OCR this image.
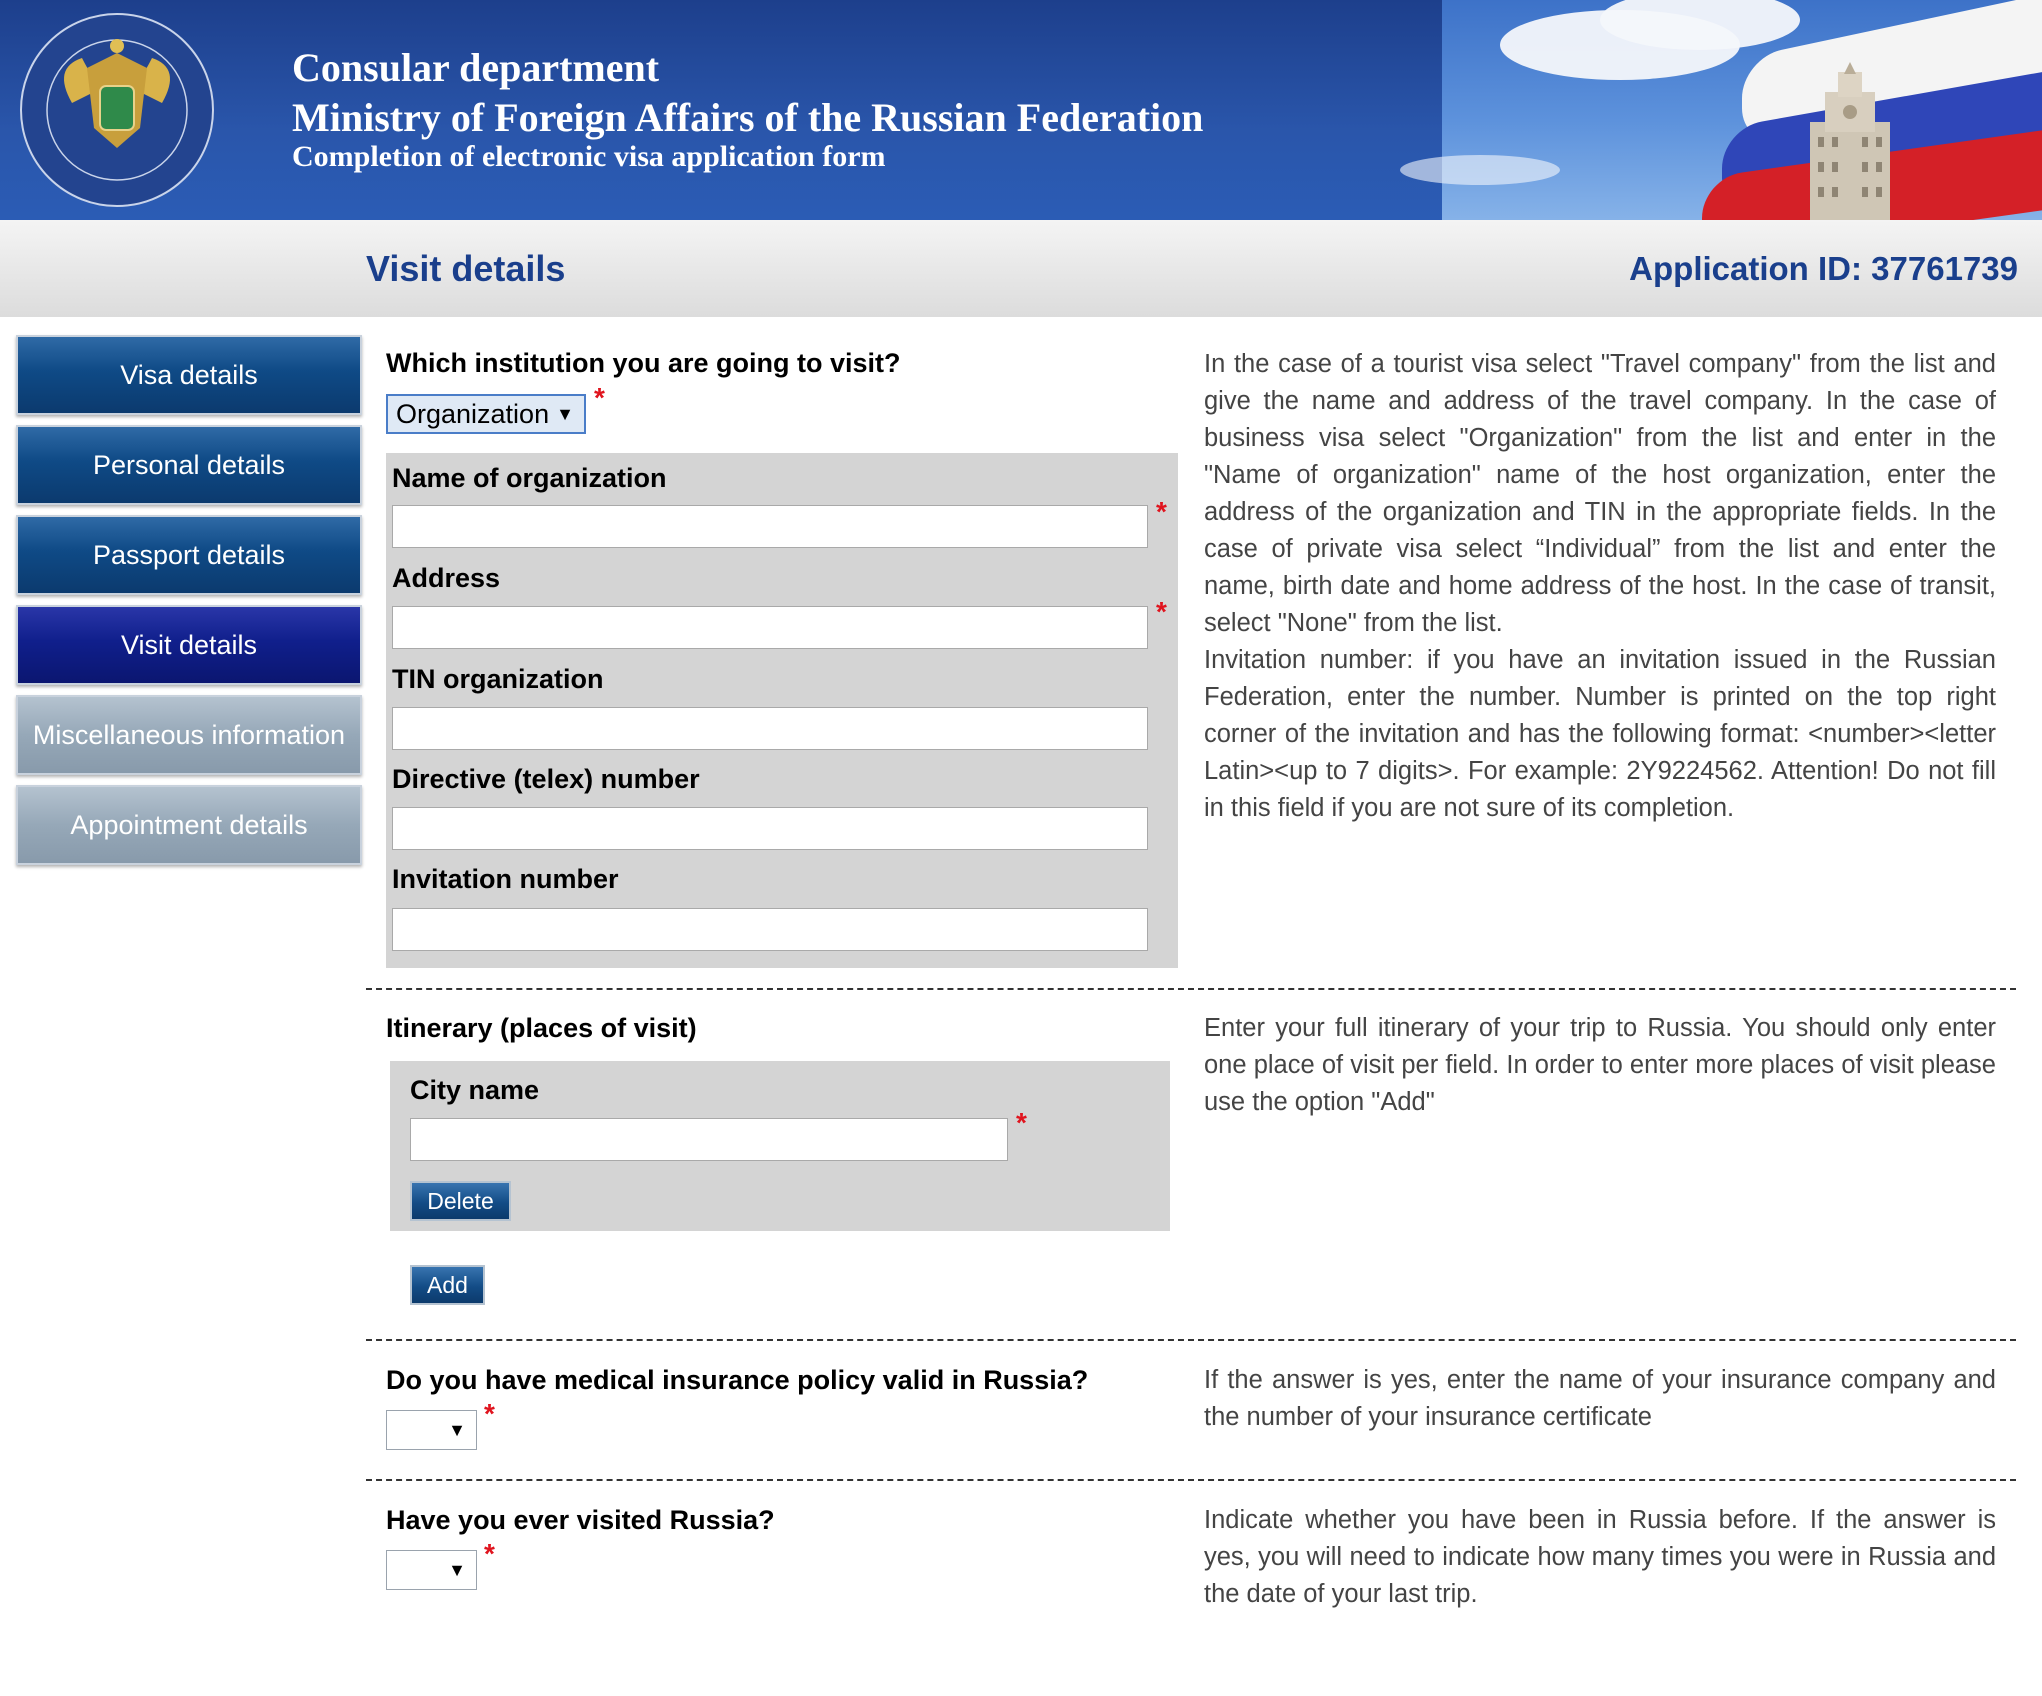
Consular department
Ministry of Foreign Affairs of the Russian Federation
Completion of electronic visa application form
Visit details	Application ID: 37761739
Visa details
Personal details
Passport details
Visit details
Miscellaneous information
Appointment details
Which institution you are going to visit?
Organization ▼
*
Name of organization
*
Address
*
TIN organization
Directive (telex) number
Invitation number

In the case of a tourist visa select "Travel company" from the list and give the name and address of the travel company. In the case of business visa select "Organization" from the list and enter in the "Name of organization" name of the host organization, enter the address of the organization and TIN in the appropriate fields. In the case of private visa select “Individual” from the list and enter the name, birth date and home address of the host. In the case of transit, select "None" from the list.

Invitation number: if you have an invitation issued in the Russian Federation, enter the number. Number is printed on the top right corner of the invitation and has the following format: <number><letter Latin><up to 7 digits>. For example: 2Y9224562. Attention! Do not fill in this field if you are not sure of its completion.

Itinerary (places of visit)
City name
*
Delete
Add
Enter your full itinerary of your trip to Russia. You should only enter one place of visit per field. In order to enter more places of visit please use the option "Add"
Do you have medical insurance policy valid in Russia?
▼
*
If the answer is yes, enter the name of your insurance company and the number of your insurance certificate
Have you ever visited Russia?
▼
*
Indicate whether you have been in Russia before. If the answer is yes, you will need to indicate how many times you were in Russia and the date of your last trip.
